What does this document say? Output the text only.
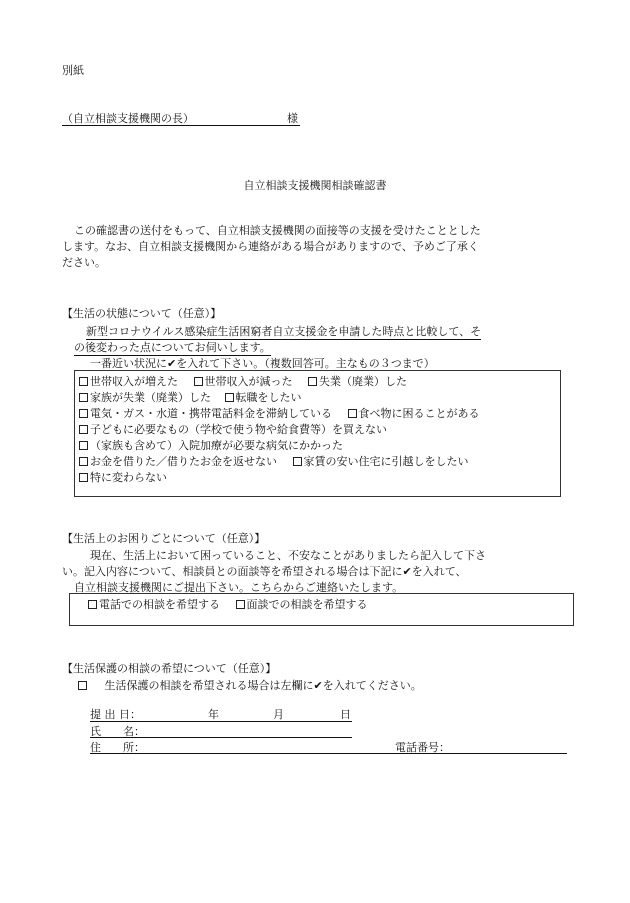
別紙
（自立相談支援機関の長）	様
自立相談支援機関相談確認書
この確認書の送付をもって、自立相談支援機関の面接等の支援を受けたこととした
します。なお、自立相談支援機関から連絡がある場合がありますので、予めご了承く
ださい。
【生活の状態について（任意）】
新型コロナウイルス感染症生活困窮者自立支援金を申請した時点と比較して、そ
の後変わった点についてお伺いします。
一番近い状況に✔を入れて下さい。（複数回答可。主なもの３つまで）
世帯収入が増えた 世帯収入が減った 失業（廃業）した
家族が失業（廃業）した 転職をしたい
電気・ガス・水道・携帯電話料金を滞納している 食べ物に困ることがある
子どもに必要なもの（学校で使う物や給食費等）を買えない
（家族も含めて）入院加療が必要な病気にかかった
お金を借りた／借りたお金を返せない 家賃の安い住宅に引越しをしたい
特に変わらない
【生活上のお困りごとについて（任意）】
現在、生活上において困っていること、不安なことがありましたら記入して下さ
い。記入内容について、相談員との面談等を希望される場合は下記に✔を入れて、
自立相談支援機関にご提出下さい。こちらからご連絡いたします。
電話での相談を希望する 面談での相談を希望する
【生活保護の相談の希望について（任意）】
生活保護の相談を希望される場合は左欄に✔を入れてください。
提 出 日：	年	月	日
氏　　名：
住　　所：	電話番号：
